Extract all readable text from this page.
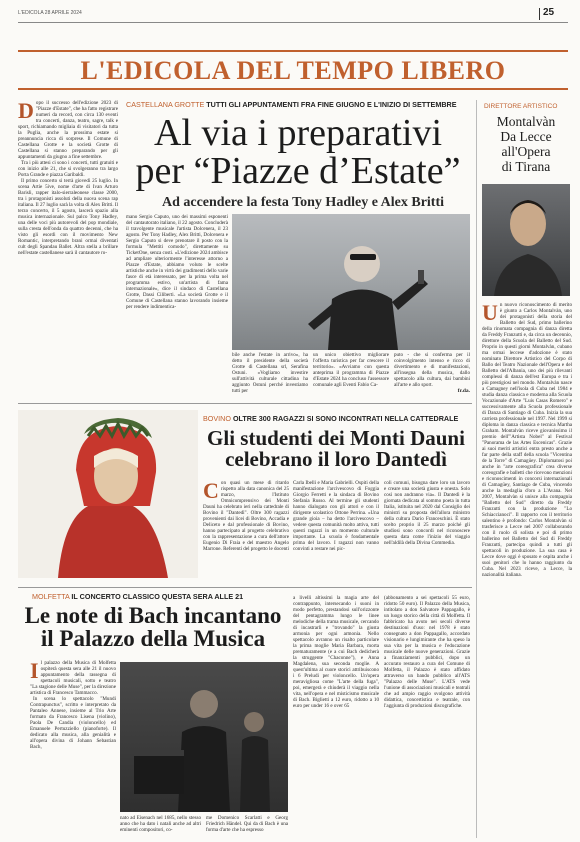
L'EDICOLA 28 APRILE 2024	25
L'EDICOLA DEL TEMPO LIBERO
CASTELLANA GROTTE TUTTI GLI APPUNTAMENTI FRA FINE GIUGNO E L'INIZIO DI SETTEMBRE
Al via i preparativi
per “Piazze d’Estate”
Ad accendere la festa Tony Hadley e Alex Britti
D opo il successo dell'edizione 2023 di "Piazze d'Estate", che ha fatto registrare numeri da record, con circa 130 eventi tra concerti, danza, teatro, sagre, talk e sport, richiamando migliaia di visitatori da tutta la Puglia, anche la prossima estate si preannuncia ricca di sorprese. Il Comune di Castellana Grotte e la società Grotte di Castellana si stanno preparando per gli appuntamenti da giugno a fine settembre.

Tra i più attesi ci sono i concerti, tutti gratuiti e con inizio alle 21, che si svolgeranno tra largo Porta Grande e piazza Garibaldi.

Il primo concerto si terrà giovedì 25 luglio. In scena Artie 5ive, nome d'arte di Ivan Arturo Barisli, rapper italo-sierraleonese classe 2000, tra i protagonisti assoluti della nuova scena rap italiana. Il 27 luglio sarà la volta di Alex Britti. Il terzo concerto, il 5 agosto, lascerà spazio alla musica internazionale. Sul palco Tony Hadley, una delle voci più autorevoli del pop mondiale, sulla cresta dell'onda da quattro decenni, che ha visto gli esordi con il movimento New Romantic, interpretando brani ormai diventati cult degli Spandau Ballet. Altra stella a brillare nell'estate castellanese sarà il cantautore ro-

mano Sergio Caputo, uno dei massimi esponenti del cantautorato italiano, il 22 agosto. Concluderà il travolgente musicale l'artista Dolcenera, il 23 agosto. Per Tony Hadley, Alex Britti, Dolcenera e Sergio Caputo si deve prenotare il posto con la formula "Mettiti comodo", direttamente su TicketOne, senza costi. «L'edizione 2024 ambisce ad ampliare ulteriormente l'interesse attorno a Piazze d'Estate, abbiamo voluto le scelte artistiche anche in virtù dei gradimenti dello varie fasce di età interessato, per la prima volta nel programma estivo, un'artista di fama internazionale», dice il sindaco di Castellana Grotte, Dassi Ciliberti. «La società Grotte e il Comune di Castellana stanno lavorando insieme per rendere indimentica-

bile anche l'estate in arrivo», ha detto il presidente della società Grotte di Castellana srl, Serafina Ostuni. «Vogliamo investire sull'attività culturale cittadina ha aggiunto Ostuni perché investiamo tutti per

un unico obiettivo migliorare l'offerta turistica per far crescere il territorio». «Avviamo con questa anteprima il programma di Piazze d'Estate 2024 ha concluso l'assessore comunale agli Eventi Fabio Ca-

puto - che si conferma per il coinvolgimento intenso e ricco di divertimento e di manifestazioni, all'insegna della musica, dallo spettacolo alla cultura, dai bambini all'arte e allo sport.

fr.da.
BOVINO OLTRE 300 RAGAZZI SI SONO INCONTRATI NELLA CATTEDRALE
Gli studenti dei Monti Dauni
celebrano il loro Dantedì
C on quasi un mese di ritardo rispetto alla data canonica del 25 marzo, l'Istituto Omnicomprensivo dei Monti Dauni ha celebrato ieri nella cattedrale di Bovino il "Dantedì". Oltre 300 ragazzi provenienti dai licei di Bovino, Accadia e Deliceto e dal professionale di Bovino, hanno partecipato al progetto celebrativo con la rappresentazione a cura dell'attore Eugenio Di Fraia e del maestro Angelo Marrone. Referenti del progetto le docenti

Carla Ibelli e Maria Gabrielli. Ospiti della manifestazione l'arcivescovo di Foggia Giorgio Ferretti e la sindaca di Bovino Stefania Russo. Al termine gli studenti hanno dialogato con gli attori e con il dirigente scolastico Ottone Perrina. «Una grande gioia – ha detto l'arcivescovo – vedere questa comunità molto attiva, tutti questi ragazzi in un momento culturale importante. La scuola è fondamentale prima del lavoro. I ragazzi non vanno convinti a restare nei pic-

coli comuni, bisogna dare loro un lavoro e creare una società giusta e onesta. Solo così non andranno via». Il Dantedì è la giornata dedicata al sommo poeta in tutta Italia, istituita nel 2020 dal Consiglio dei ministri su proposta dell'allora ministro della cultura Dario Franceschini. È stato scelto proprio il 25 marzo poiché gli studiosi sono concordi nel riconoscere questa data come l'inizio del viaggio nell'aldilà della Divina Commedia.

MOLFETTA IL CONCERTO CLASSICO QUESTA SERA ALLE 21
Le note di Bach incantano
il Palazzo della Musica
I l palazzo della Musica di Molfetta ospiterà questa sera alle 21 il nuovo appuntamento della rassegna di spettacoli musicali, sotto e teatro "La stagione delle Muse", per la direzione artistica di Francesco Tammacco.

In scena lo spettacolo "Mundi Contrapunctus", scritto e interpretato da Pantaleo Annese, insieme al Trio Arte formato da Francesco Lisena (violino), Paola De Candia (violoncello) ed Emanuele Pertuzziello (pianoforte). Il dedicato alla musica, alla genialità e all'opera divina di Johann Sebastian Bach,

nato ad Eisenach nel 1685, nello stesso anno che ha dato i natali anche ad altri eminenti compositori, co-

me Domenico Scarlatti e Georg Friedrich Händel. Qui da di Bach è una forma d'arte che ha espresso

a livelli altissimi la magia arte del contrappunto, intersecando i suoni in modo perfetto, prestandosi sull'orizzonte del pentagramma lungo le linee melodiche della trama musicale, cercando di incastrarli e "trovando" la giusta armonia per ogni armonia. Nello spettacolo avranno un risalto particolare la prima moglie Maria Barbara, morta prematuramente (e a cui Bach dedicherà la struggente "Chaconne"), e Anna Magdalena, sua seconda moglie. A quest'ultima al cuore storici attribuiscono i 6 Preludi per violoncello. Un'opera meravigliosa come "L'arte della fuga", poi, emergerà e chiuderà il viaggio nella vita, nell'opera e nel misticismo musicale di Bach. Biglietti a 12 euro, ridotto a 10 euro per under 16 e over 65

(abbonamento a sei spettacoli 55 euro, ridotto 50 euro). Il Palazzo della Musica, intitolato a don Salvatore Pappagallo, è un luogo storico della città di Molfetta. Il fabbricato ha avuto nei secoli diverse destinazioni d'uso: nel 1978 è stato consegnato a don Pappagallo, accordato visionario e lungimirante che ha speso la sua vita per la musica e l'educazione musicale delle nuove generazioni. Grazie a finanziamenti pubblici, dopo un accurato restauro a cura del Comune di Molfetta, il Palazzo è stato affidato attraverso un bando pubblico all'ATS "Palazzo delle Muse". L'ATS vede l'unione di associazioni musicali e teatrali che ad ampio raggio svolgono attività didattica, concertistica e teatrale, con l'aggiunta di produzioni discografiche.

DIRETTORE ARTISTICO
Montalvàn
Da Lecce
all'Opera
di Tirana
U n nuovo riconoscimento di merito è giunto a Carlos Montalvàn, uno dei protagonisti della storia del Balletto del Sud, primo ballerino della rinomata compagnia di danza diretta da Freddy Franzutti e, da circa un decennio, direttore della Scuola del Balletto del Sud. Proprio in questi giorni Montalvàn, cubano ma ormai leccese d'adozione è stato nominato Direttore Artistico del Corpo di Ballo del Teatro Nazionale dell'Opera e del Balletto dell'Albania, uno dei più rilevanti complessi di danza dell'est Europa e tra i più prestigiosi nel mondo. Montalvàn nasce a Camagney nell'isola di Cuba nel 1984 e studia danza classica e moderna alla Scuola Vocazionale d'Arte "Luis Casas Romero" e successivamente alla Scuola professionale di Danza di Santiago di Cuba. Inizia la sua carriera professionale nel 1997. Nel 1999 si diploma in danza classica e tecnica Martha Graham. Montalvàn riceve giovanissimo il premio dell'"Artista Nobel" al Festival "Panorama de las Artes Escenicas". Grazie ai suoi meriti artistici entra presto anche a far parte della staff della scuola "Vicentina de la Torre" di Camagüey. Diplomatosi poi anche in "arte coreografica" crea diverse coreografie e balletti che ricevono menzioni e riconoscimenti in concorsi internazionali di Camagüey, Santiago de Cuba, vincendo anche la medaglia d'oro a L'Avana. Nel 2007, Montalvàn si unisce alla compagnia "Balletto del Sud" diretto da Freddy Franzutti con la produzione "Lo Schiaccianoci". Il rapporto con il territorio salentino è profondo: Carlos Montalvàn si trasferisce a Lecce nel 2007 collaborando con il ruolo di solista e poi di primo ballerino nel Balletto del Sud di Freddy Franzutti, partecipa quindi a tutti gli spettacoli in produzione. La sua casa è Lecce dove oggi è sposato e ospita anche i suoi genitori che lo hanno raggiunto da Cuba. Nel 2023 riceve, a Lecce, la nazionalità italiana.
